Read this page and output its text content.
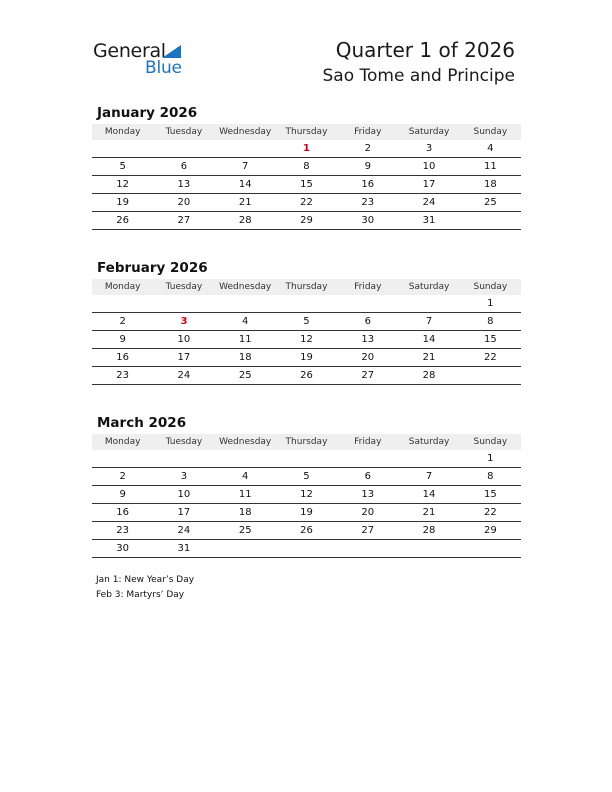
General
Blue
Quarter 1 of 2026
Sao Tome and Principe
January 2026
Monday	Tuesday	Wednesday	Thursday	Friday	Saturday	Sunday
			1	2	3	4
5	6	7	8	9	10	11
12	13	14	15	16	17	18
19	20	21	22	23	24	25
26	27	28	29	30	31	
February 2026
Monday	Tuesday	Wednesday	Thursday	Friday	Saturday	Sunday
						1
2	3	4	5	6	7	8
9	10	11	12	13	14	15
16	17	18	19	20	21	22
23	24	25	26	27	28	
March 2026
Monday	Tuesday	Wednesday	Thursday	Friday	Saturday	Sunday
						1
2	3	4	5	6	7	8
9	10	11	12	13	14	15
16	17	18	19	20	21	22
23	24	25	26	27	28	29
30	31					
Jan 1: New Year’s Day
Feb 3: Martyrs’ Day
